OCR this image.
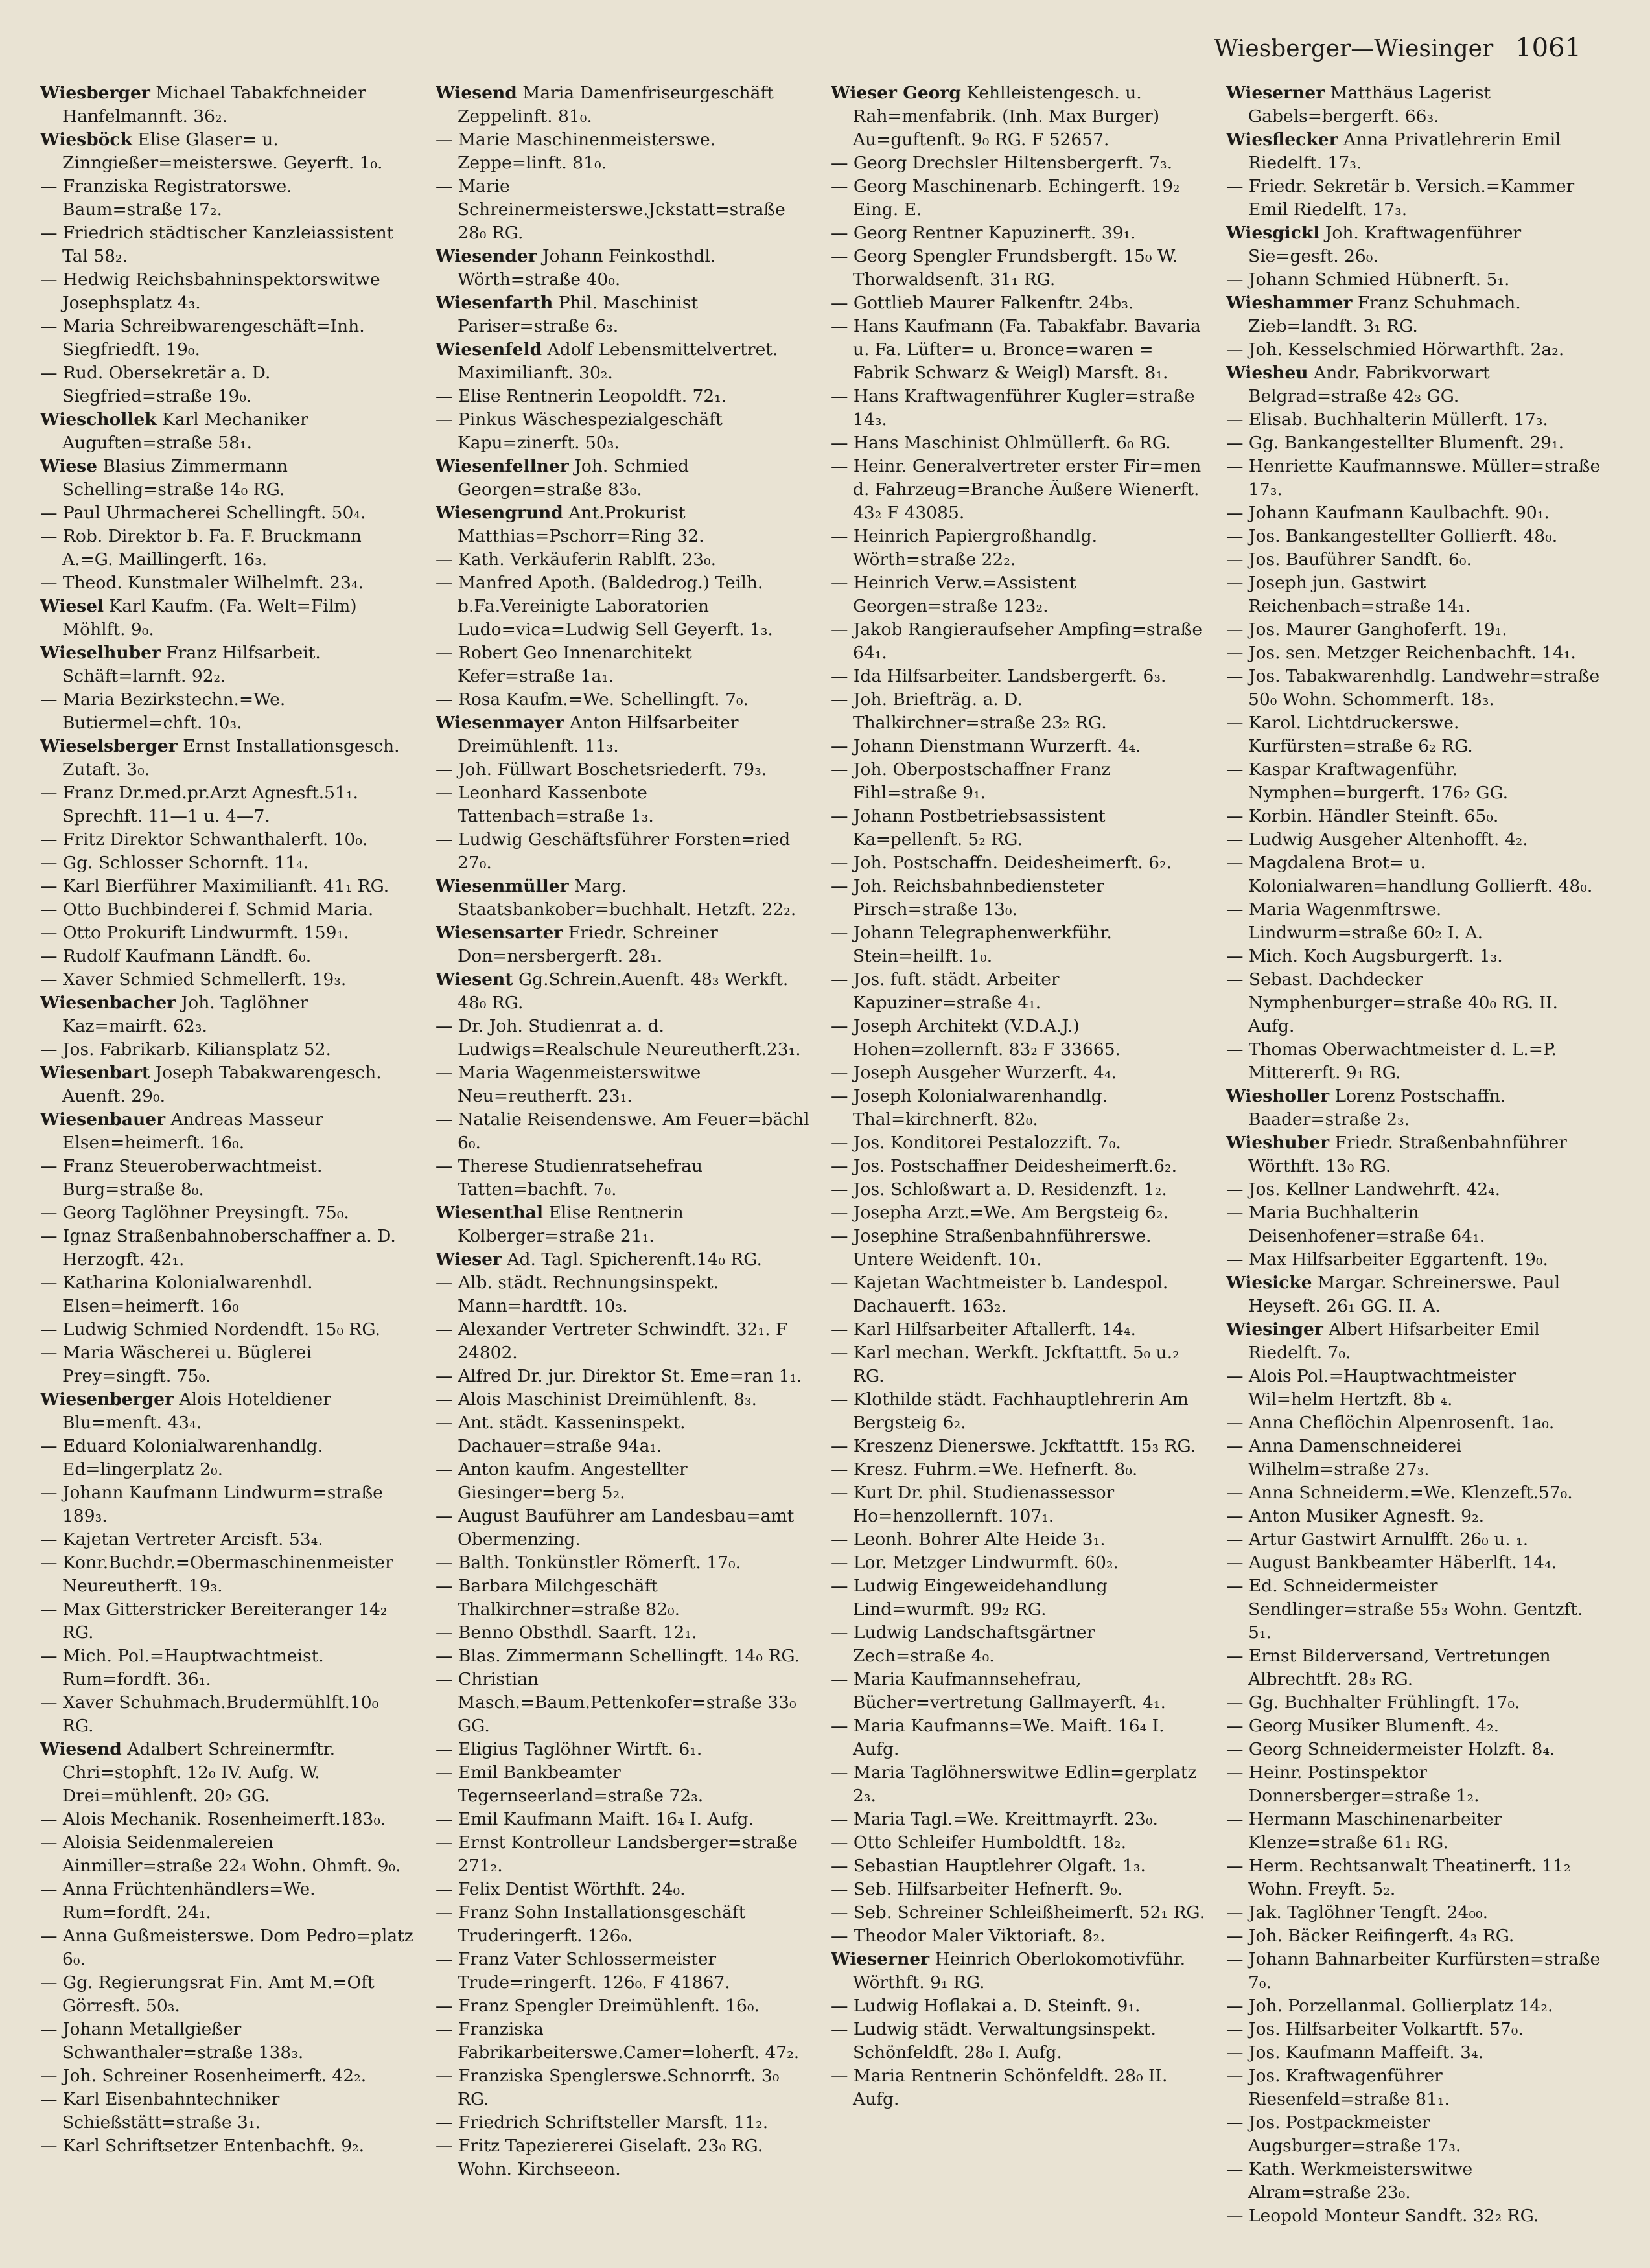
Wiesberger—Wiesinger 1061

Wiesberger Michael Tabakfchneider Hanfelmannft. 36₂.

Wiesböck Elise Glaser= u. Zinngießer=meisterswe. Geyerft. 1₀.

— Franziska Registratorswe. Baum=straße 17₂.

— Friedrich städtischer Kanzleiassistent Tal 58₂.

— Hedwig Reichsbahninspektorswitwe Josephsplatz 4₃.

— Maria Schreibwarengeschäft=Inh. Siegfriedft. 19₀.

— Rud. Obersekretär a. D. Siegfried=straße 19₀.

Wieschollek Karl Mechaniker Auguften=straße 58₁.

Wiese Blasius Zimmermann Schelling=straße 14₀ RG.

— Paul Uhrmacherei Schellingft. 50₄.

— Rob. Direktor b. Fa. F. Bruckmann A.=G. Maillingerft. 16₃.

— Theod. Kunstmaler Wilhelmft. 23₄.

Wiesel Karl Kaufm. (Fa. Welt=Film) Möhlft. 9₀.

Wieselhuber Franz Hilfsarbeit. Schäft=larnft. 92₂.

— Maria Bezirkstechn.=We. Butiermel=chft. 10₃.

Wieselsberger Ernst Installationsgesch. Zutaft. 3₀.

— Franz Dr.med.pr.Arzt Agnesft.51₁. Sprechft. 11—1 u. 4—7.

— Fritz Direktor Schwanthalerft. 10₀.

— Gg. Schlosser Schornft. 11₄.

— Karl Bierführer Maximilianft. 41₁ RG.

— Otto Buchbinderei f. Schmid Maria.

— Otto Prokurift Lindwurmft. 159₁.

— Rudolf Kaufmann Ländft. 6₀.

— Xaver Schmied Schmellerft. 19₃.

Wiesenbacher Joh. Taglöhner Kaz=mairft. 62₃.

— Jos. Fabrikarb. Kiliansplatz 52.

Wiesenbart Joseph Tabakwarengesch. Auenft. 29₀.

Wiesenbauer Andreas Masseur Elsen=heimerft. 16₀.

— Franz Steueroberwachtmeist. Burg=straße 8₀.

— Georg Taglöhner Preysingft. 75₀.

— Ignaz Straßenbahnoberschaffner a. D. Herzogft. 42₁.

— Katharina Kolonialwarenhdl. Elsen=heimerft. 16₀

— Ludwig Schmied Nordendft. 15₀ RG.

— Maria Wäscherei u. Büglerei Prey=singft. 75₀.

Wiesenberger Alois Hoteldiener Blu=menft. 43₄.

— Eduard Kolonialwarenhandlg. Ed=lingerplatz 2₀.

— Johann Kaufmann Lindwurm=straße 189₃.

— Kajetan Vertreter Arcisft. 53₄.

— Konr.Buchdr.=Obermaschinenmeister Neureutherft. 19₃.

— Max Gitterstricker Bereiteranger 14₂ RG.

— Mich. Pol.=Hauptwachtmeist. Rum=fordft. 36₁.

— Xaver Schuhmach.Brudermühlft.10₀ RG.

Wiesend Adalbert Schreinermftr. Chri=stophft. 12₀ IV. Aufg. W. Drei=mühlenft. 20₂ GG.

— Alois Mechanik. Rosenheimerft.183₀.

— Aloisia Seidenmalereien Ainmiller=straße 22₄ Wohn. Ohmft. 9₀.

— Anna Früchtenhändlers=We. Rum=fordft. 24₁.

— Anna Gußmeisterswe. Dom Pedro=platz 6₀.

— Gg. Regierungsrat Fin. Amt M.=Oft Görresft. 50₃.

— Johann Metallgießer Schwanthaler=straße 138₃.

— Joh. Schreiner Rosenheimerft. 42₂.

— Karl Eisenbahntechniker Schießstätt=straße 3₁.

— Karl Schriftsetzer Entenbachft. 9₂.

Wiesend Maria Damenfriseurgeschäft Zeppelinft. 81₀.

— Marie Maschinenmeisterswe. Zeppe=linft. 81₀.

— Marie Schreinermeisterswe.Jckstatt=straße 28₀ RG.

Wiesender Johann Feinkosthdl. Wörth=straße 40₀.

Wiesenfarth Phil. Maschinist Pariser=straße 6₃.

Wiesenfeld Adolf Lebensmittelvertret. Maximilianft. 30₂.

— Elise Rentnerin Leopoldft. 72₁.

— Pinkus Wäschespezialgeschäft Kapu=zinerft. 50₃.

Wiesenfellner Joh. Schmied Georgen=straße 83₀.

Wiesengrund Ant.Prokurist Matthias=Pschorr=Ring 32.

— Kath. Verkäuferin Rablft. 23₀.

— Manfred Apoth. (Baldedrog.) Teilh. b.Fa.Vereinigte Laboratorien Ludo=vica=Ludwig Sell Geyerft. 1₃.

— Robert Geo Innenarchitekt Kefer=straße 1a₁.

— Rosa Kaufm.=We. Schellingft. 7₀.

Wiesenmayer Anton Hilfsarbeiter Dreimühlenft. 11₃.

— Joh. Füllwart Boschetsriederft. 79₃.

— Leonhard Kassenbote Tattenbach=straße 1₃.

— Ludwig Geschäftsführer Forsten=ried 27₀.

Wiesenmüller Marg. Staatsbankober=buchhalt. Hetzft. 22₂.

Wiesensarter Friedr. Schreiner Don=nersbergerft. 28₁.

Wiesent Gg.Schrein.Auenft. 48₃ Werkft. 48₀ RG.

— Dr. Joh. Studienrat a. d. Ludwigs=Realschule Neureutherft.23₁.

— Maria Wagenmeisterswitwe Neu=reutherft. 23₁.

— Natalie Reisendenswe. Am Feuer=bächl 6₀.

— Therese Studienratsehefrau Tatten=bachft. 7₀.

Wiesenthal Elise Rentnerin Kolberger=straße 21₁.

Wieser Ad. Tagl. Spicherenft.14₀ RG.

— Alb. städt. Rechnungsinspekt. Mann=hardtft. 10₃.

— Alexander Vertreter Schwindft. 32₁. F 24802.

— Alfred Dr. jur. Direktor St. Eme=ran 1₁.

— Alois Maschinist Dreimühlenft. 8₃.

— Ant. städt. Kasseninspekt. Dachauer=straße 94a₁.

— Anton kaufm. Angestellter Giesinger=berg 5₂.

— August Bauführer am Landesbau=amt Obermenzing.

— Balth. Tonkünstler Römerft. 17₀.

— Barbara Milchgeschäft Thalkirchner=straße 82₀.

— Benno Obsthdl. Saarft. 12₁.

— Blas. Zimmermann Schellingft. 14₀ RG.

— Christian Masch.=Baum.Pettenkofer=straße 33₀ GG.

— Eligius Taglöhner Wirtft. 6₁.

— Emil Bankbeamter Tegernseerland=straße 72₃.

— Emil Kaufmann Maift. 16₄ I. Aufg.

— Ernst Kontrolleur Landsberger=straße 271₂.

— Felix Dentist Wörthft. 24₀.

— Franz Sohn Installationsgeschäft Truderingerft. 126₀.

— Franz Vater Schlossermeister Trude=ringerft. 126₀. F 41867.

— Franz Spengler Dreimühlenft. 16₀.

— Franziska Fabrikarbeiterswe.Camer=loherft. 47₂.

— Franziska Spenglerswe.Schnorrft. 3₀ RG.

— Friedrich Schriftsteller Marsft. 11₂.

— Fritz Tapeziererei Giselaft. 23₀ RG. Wohn. Kirchseeon.

Wieser Georg Kehlleistengesch. u. Rah=menfabrik. (Inh. Max Burger) Au=guftenft. 9₀ RG. F 52657.

— Georg Drechsler Hiltensbergerft. 7₃.

— Georg Maschinenarb. Echingerft. 19₂ Eing. E.

— Georg Rentner Kapuzinerft. 39₁.

— Georg Spengler Frundsbergft. 15₀ W. Thorwaldsenft. 31₁ RG.

— Gottlieb Maurer Falkenftr. 24b₃.

— Hans Kaufmann (Fa. Tabakfabr. Bavaria u. Fa. Lüfter= u. Bronce=waren = Fabrik Schwarz & Weigl) Marsft. 8₁.

— Hans Kraftwagenführer Kugler=straße 14₃.

— Hans Maschinist Ohlmüllerft. 6₀ RG.

— Heinr. Generalvertreter erster Fir=men d. Fahrzeug=Branche Äußere Wienerft. 43₂ F 43085.

— Heinrich Papiergroßhandlg. Wörth=straße 22₂.

— Heinrich Verw.=Assistent Georgen=straße 123₂.

— Jakob Rangieraufseher Ampfing=straße 64₁.

— Ida Hilfsarbeiter. Landsbergerft. 6₃.

— Joh. Briefträg. a. D. Thalkirchner=straße 23₂ RG.

— Johann Dienstmann Wurzerft. 4₄.

— Joh. Oberpostschaffner Franz Fihl=straße 9₁.

— Johann Postbetriebsassistent Ka=pellenft. 5₂ RG.

— Joh. Postschaffn. Deidesheimerft. 6₂.

— Joh. Reichsbahnbediensteter Pirsch=straße 13₀.

— Johann Telegraphenwerkführ. Stein=heilft. 1₀.

— Jos. fuft. städt. Arbeiter Kapuziner=straße 4₁.

— Joseph Architekt (V.D.A.J.) Hohen=zollernft. 83₂ F 33665.

— Joseph Ausgeher Wurzerft. 4₄.

— Joseph Kolonialwarenhandlg. Thal=kirchnerft. 82₀.

— Jos. Konditorei Pestalozzift. 7₀.

— Jos. Postschaffner Deidesheimerft.6₂.

— Jos. Schloßwart a. D. Residenzft. 1₂.

— Josepha Arzt.=We. Am Bergsteig 6₂.

— Josephine Straßenbahnführerswe. Untere Weidenft. 10₁.

— Kajetan Wachtmeister b. Landespol. Dachauerft. 163₂.

— Karl Hilfsarbeiter Aftallerft. 14₄.

— Karl mechan. Werkft. Jckftattft. 5₀ u.₂ RG.

— Klothilde städt. Fachhauptlehrerin Am Bergsteig 6₂.

— Kreszenz Dienerswe. Jckftattft. 15₃ RG.

— Kresz. Fuhrm.=We. Hefnerft. 8₀.

— Kurt Dr. phil. Studienassessor Ho=henzollernft. 107₁.

— Leonh. Bohrer Alte Heide 3₁.

— Lor. Metzger Lindwurmft. 60₂.

— Ludwig Eingeweidehandlung Lind=wurmft. 99₂ RG.

— Ludwig Landschaftsgärtner Zech=straße 4₀.

— Maria Kaufmannsehefrau, Bücher=vertretung Gallmayerft. 4₁.

— Maria Kaufmanns=We. Maift. 16₄ I. Aufg.

— Maria Taglöhnerswitwe Edlin=gerplatz 2₃.

— Maria Tagl.=We. Kreittmayrft. 23₀.

— Otto Schleifer Humboldtft. 18₂.

— Sebastian Hauptlehrer Olgaft. 1₃.

— Seb. Hilfsarbeiter Hefnerft. 9₀.

— Seb. Schreiner Schleißheimerft. 52₁ RG.

— Theodor Maler Viktoriaft. 8₂.

Wieserner Heinrich Oberlokomotivführ. Wörthft. 9₁ RG.

— Ludwig Hoflakai a. D. Steinft. 9₁.

— Ludwig städt. Verwaltungsinspekt. Schönfeldft. 28₀ I. Aufg.

— Maria Rentnerin Schönfeldft. 28₀ II. Aufg.

Wieserner Matthäus Lagerist Gabels=bergerft. 66₃.

Wiesflecker Anna Privatlehrerin Emil Riedelft. 17₃.

— Friedr. Sekretär b. Versich.=Kammer Emil Riedelft. 17₃.

Wiesgickl Joh. Kraftwagenführer Sie=gesft. 26₀.

— Johann Schmied Hübnerft. 5₁.

Wieshammer Franz Schuhmach. Zieb=landft. 3₁ RG.

— Joh. Kesselschmied Hörwarthft. 2a₂.

Wiesheu Andr. Fabrikvorwart Belgrad=straße 42₃ GG.

— Elisab. Buchhalterin Müllerft. 17₃.

— Gg. Bankangestellter Blumenft. 29₁.

— Henriette Kaufmannswe. Müller=straße 17₃.

— Johann Kaufmann Kaulbachft. 90₁.

— Jos. Bankangestellter Gollierft. 48₀.

— Jos. Bauführer Sandft. 6₀.

— Joseph jun. Gastwirt Reichenbach=straße 14₁.

— Jos. Maurer Ganghoferft. 19₁.

— Jos. sen. Metzger Reichenbachft. 14₁.

— Jos. Tabakwarenhdlg. Landwehr=straße 50₀ Wohn. Schommerft. 18₃.

— Karol. Lichtdruckerswe. Kurfürsten=straße 6₂ RG.

— Kaspar Kraftwagenführ. Nymphen=burgerft. 176₂ GG.

— Korbin. Händler Steinft. 65₀.

— Ludwig Ausgeher Altenhofft. 4₂.

— Magdalena Brot= u. Kolonialwaren=handlung Gollierft. 48₀.

— Maria Wagenmftrswe. Lindwurm=straße 60₂ I. A.

— Mich. Koch Augsburgerft. 1₃.

— Sebast. Dachdecker Nymphenburger=straße 40₀ RG. II. Aufg.

— Thomas Oberwachtmeister d. L.=P. Mittererft. 9₁ RG.

Wiesholler Lorenz Postschaffn. Baader=straße 2₃.

Wieshuber Friedr. Straßenbahnführer Wörthft. 13₀ RG.

— Jos. Kellner Landwehrft. 42₄.

— Maria Buchhalterin Deisenhofener=straße 64₁.

— Max Hilfsarbeiter Eggartenft. 19₀.

Wiesicke Margar. Schreinerswe. Paul Heyseft. 26₁ GG. II. A.

Wiesinger Albert Hifsarbeiter Emil Riedelft. 7₀.

— Alois Pol.=Hauptwachtmeister Wil=helm Hertzft. 8b ₄.

— Anna Cheflöchin Alpenrosenft. 1a₀.

— Anna Damenschneiderei Wilhelm=straße 27₃.

— Anna Schneiderm.=We. Klenzeft.57₀.

— Anton Musiker Agnesft. 9₂.

— Artur Gastwirt Arnulfft. 26₀ u. ₁.

— August Bankbeamter Häberlft. 14₄.

— Ed. Schneidermeister Sendlinger=straße 55₃ Wohn. Gentzft. 5₁.

— Ernst Bilderversand, Vertretungen Albrechtft. 28₃ RG.

— Gg. Buchhalter Frühlingft. 17₀.

— Georg Musiker Blumenft. 4₂.

— Georg Schneidermeister Holzft. 8₄.

— Heinr. Postinspektor Donnersberger=straße 1₂.

— Hermann Maschinenarbeiter Klenze=straße 61₁ RG.

— Herm. Rechtsanwalt Theatinerft. 11₂ Wohn. Freyft. 5₂.

— Jak. Taglöhner Tengft. 24₀₀.

— Joh. Bäcker Reifingerft. 4₃ RG.

— Johann Bahnarbeiter Kurfürsten=straße 7₀.

— Joh. Porzellanmal. Gollierplatz 14₂.

— Jos. Hilfsarbeiter Volkartft. 57₀.

— Jos. Kaufmann Maffeift. 3₄.

— Jos. Kraftwagenführer Riesenfeld=straße 81₁.

— Jos. Postpackmeister Augsburger=straße 17₃.

— Kath. Werkmeisterswitwe Alram=straße 23₀.

— Leopold Monteur Sandft. 32₂ RG.
